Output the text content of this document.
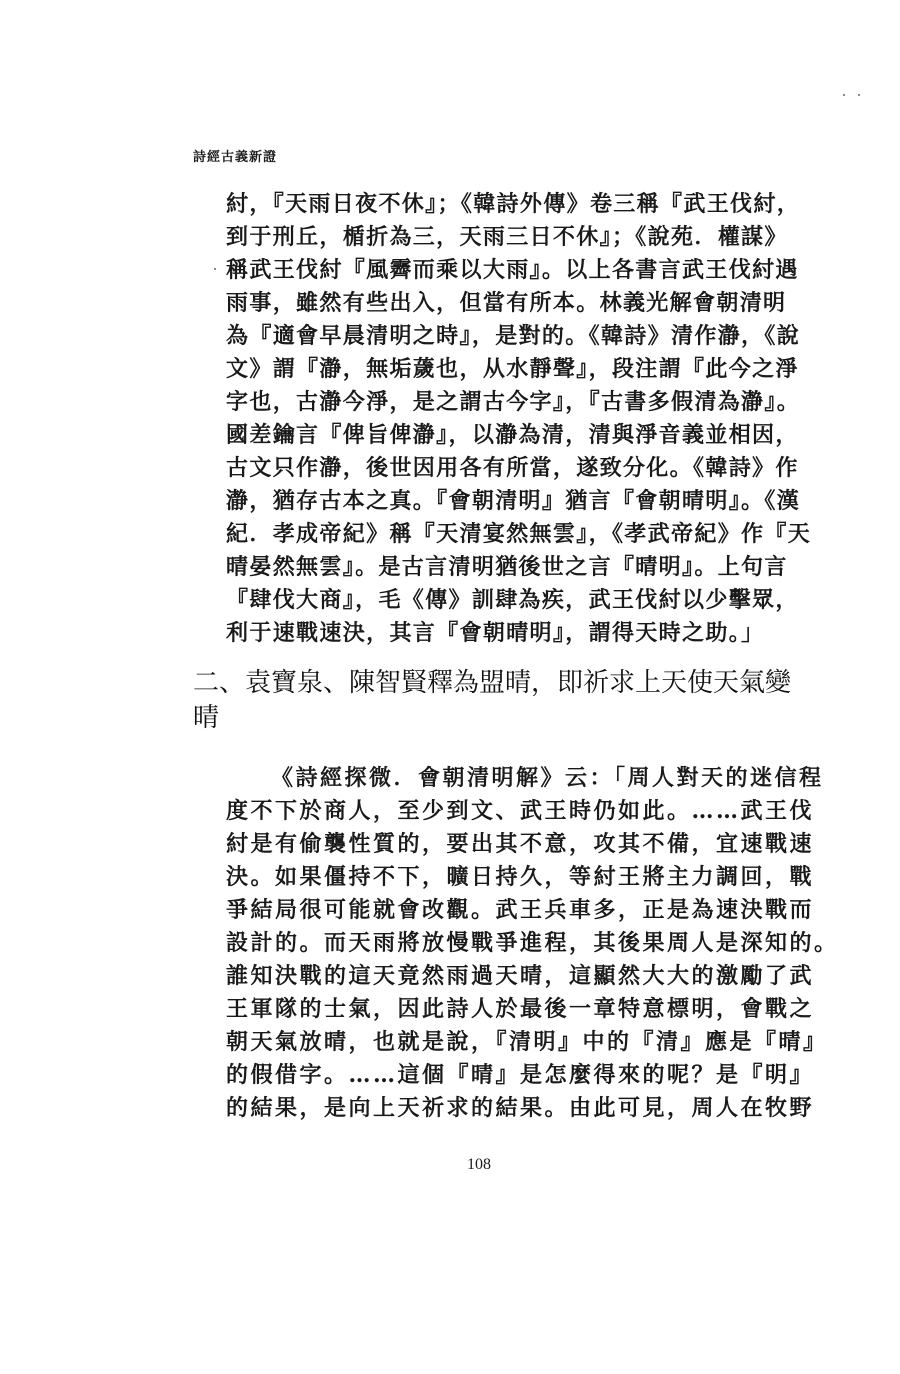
詩經古義新證
紂，『天雨日夜不休』；《韓詩外傳》卷三稱『武王伐紂，
到于刑丘，楯折為三，天雨三日不休』；《說苑．權謀》
稱武王伐紂『風霽而乘以大雨』。以上各書言武王伐紂遇
雨事，雖然有些出入，但當有所本。林義光解會朝清明
為『適會早晨清明之時』，是對的。《韓詩》清作瀞，《說
文》謂『瀞，無垢薉也，从水靜聲』，段注謂『此今之淨
字也，古瀞今淨，是之謂古今字』，『古書多假清為瀞』。
國差鑰言『俾旨俾瀞』，以瀞為清，清與淨音義並相因，
古文只作瀞，後世因用各有所當，遂致分化。《韓詩》作
瀞，猶存古本之真。『會朝清明』猶言『會朝晴明』。《漢
紀．孝成帝紀》稱『天清宴然無雲』，《孝武帝紀》作『天
晴晏然無雲』。是古言清明猶後世之言『晴明』。上句言
『肆伐大商』，毛《傳》訓肆為疾，武王伐紂以少擊眾，
利于速戰速決，其言『會朝晴明』，謂得天時之助。」
二、袁寶泉、陳智賢釋為盟晴，即祈求上天使天氣變
晴
《詩經探微．會朝清明解》云：「周人對天的迷信程
度不下於商人，至少到文、武王時仍如此。……武王伐
紂是有偷襲性質的，要出其不意，攻其不備，宜速戰速
決。如果僵持不下，曠日持久，等紂王將主力調回，戰
爭結局很可能就會改觀。武王兵車多，正是為速決戰而
設計的。而天雨將放慢戰爭進程，其後果周人是深知的。
誰知決戰的這天竟然雨過天晴，這顯然大大的激勵了武
王軍隊的士氣，因此詩人於最後一章特意標明，會戰之
朝天氣放晴，也就是說，『清明』中的『清』應是『晴』
的假借字。……這個『晴』是怎麼得來的呢？是『明』
的結果，是向上天祈求的結果。由此可見，周人在牧野
108
